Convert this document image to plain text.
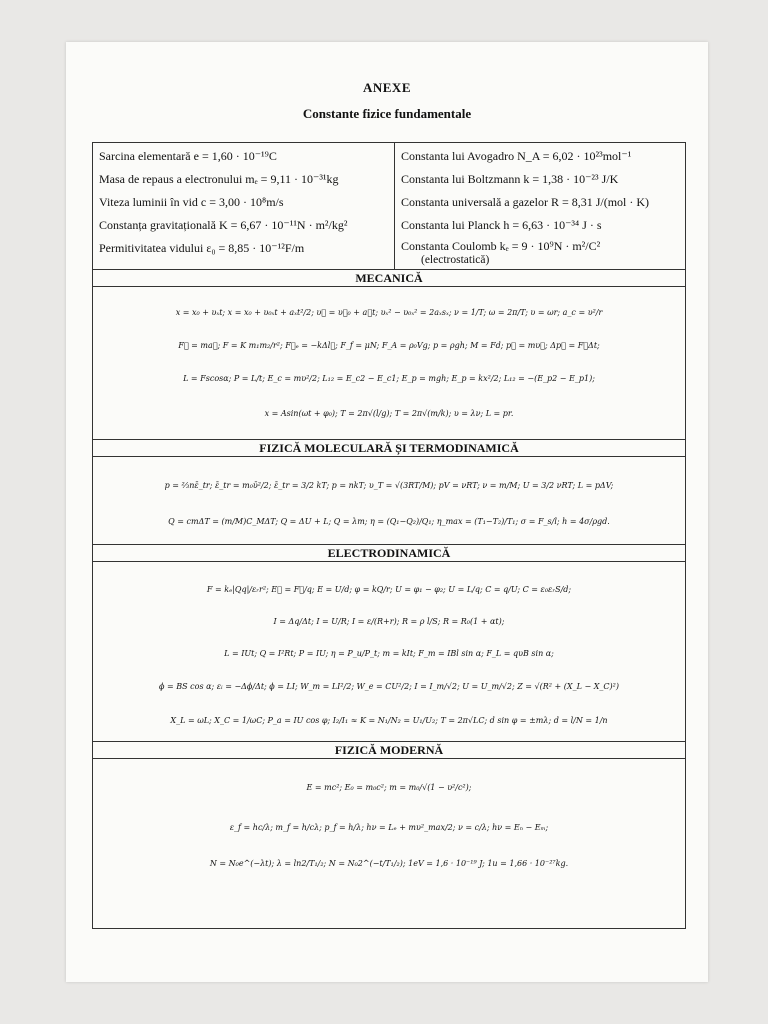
ANEXE
Constante fizice fundamentale
Sarcina elementară e = 1,60 · 10⁻¹⁹C
Masa de repaus a electronului mₑ = 9,11 · 10⁻³¹kg
Viteza luminii în vid c = 3,00 · 10⁸m/s
Constanța gravitațională K = 6,67 · 10⁻¹¹N · m²/kg²
Permitivitatea vidului ε₀ = 8,85 · 10⁻¹²F/m
Constanta lui Avogadro N_A = 6,02 · 10²³mol⁻¹
Constanta lui Boltzmann k = 1,38 · 10⁻²³ J/K
Constanta universală a gazelor R = 8,31 J/(mol · K)
Constanta lui Planck h = 6,63 · 10⁻³⁴ J · s
Constanta Coulomb kₑ = 9 · 10⁹N · m²/C²
(electrostatică)
MECANICĂ
x = x₀ + υₓt; x = x₀ + υ₀ₓt + aₓt²/2; υ⃗ = υ⃗₀ + a⃗t; υₓ² − υ₀ₓ² = 2aₓsₓ; ν = 1/T; ω = 2π/T; υ = ωr; a_c = υ²/r
F⃗ = ma⃗; F = K m₁m₂/r²; F⃗ₑ = −kΔl⃗; F_f = μN; F_A = ρ₀Vg; p = ρgh; M = Fd; p⃗ = mυ⃗; Δp⃗ = F⃗Δt;
L = Fscosα; P = L/t; E_c = mυ²/2; L₁₂ = E_c2 − E_c1; E_p = mgh; E_p = kx²/2; L₁₂ = −(E_p2 − E_p1);
x = Asin(ωt + φ₀); T = 2π√(l/g); T = 2π√(m/k); υ = λν; L = pr.
FIZICĂ MOLECULARĂ ȘI TERMODINAMICĂ
p = ⅔nε̄_tr; ε̄_tr = m₀ῡ²/2; ε̄_tr = 3/2 kT; p = nkT; υ_T = √(3RT/M); pV = νRT; ν = m/M; U = 3/2 νRT; L = pΔV;
Q = cmΔT = (m/M)C_MΔT; Q = ΔU + L; Q = λm; η = (Q₁−Q₂)/Q₁; η_max = (T₁−T₂)/T₁; σ = F_s/l; h = 4σ/ρgd.
ELECTRODINAMICĂ
F = kₑ|Qq|/εᵣr²; E⃗ = F⃗/q; E = U/d; φ = kQ/r; U = φ₁ − φ₂; U = L/q; C = q/U; C = ε₀εᵣS/d;
I = Δq/Δt; I = U/R; I = ε/(R+r); R = ρ l/S; R = R₀(1 + αt);
L = IUt; Q = I²Rt; P = IU; η = P_u/P_t; m = kIt; F_m = IBl sin α; F_L = qυB sin α;
ϕ = BS cos α; εᵢ = −Δϕ/Δt; ϕ = LI; W_m = LI²/2; W_e = CU²/2; I = I_m/√2; U = U_m/√2; Z = √(R² + (X_L − X_C)²)
X_L = ωL; X_C = 1/ωC; P_a = IU cos φ; I₂/I₁ ≈ K = N₁/N₂ = U₁/U₂; T = 2π√LC; d sin φ = ±mλ; d = l/N = 1/n
FIZICĂ MODERNĂ
E = mc²; E₀ = m₀c²; m = m₀/√(1 − υ²/c²);
ε_f = hc/λ; m_f = h/cλ; p_f = h/λ; hν = Lₑ + mυ²_max/2; ν = c/λ; hν = Eₙ − Eₘ;
N = N₀e^(−λt); λ = ln2/T₁/₂; N = N₀2^(−t/T₁/₂); 1eV = 1,6 · 10⁻¹⁹ J; 1u = 1,66 · 10⁻²⁷kg.
